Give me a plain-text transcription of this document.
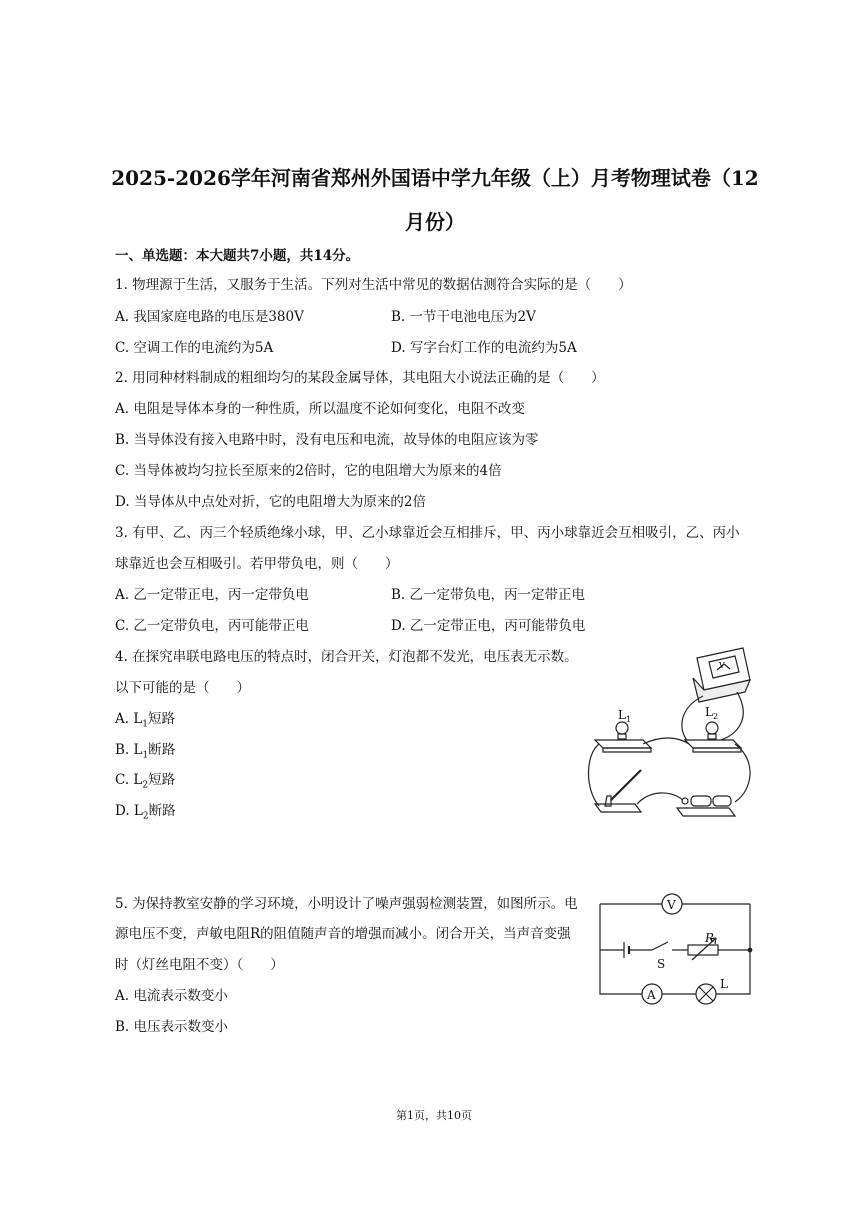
2025-2026学年河南省郑州外国语中学九年级（上）月考物理试卷（12
月份）
一、单选题：本大题共7小题，共14分。
1. 物理源于生活，又服务于生活。下列对生活中常见的数据估测符合实际的是（　　）
A. 我国家庭电路的电压是380V	B. 一节干电池电压为2V
C. 空调工作的电流约为5A	D. 写字台灯工作的电流约为5A
2. 用同种材料制成的粗细均匀的某段金属导体，其电阻大小说法正确的是（　　）
A. 电阻是导体本身的一种性质，所以温度不论如何变化，电阻不改变
B. 当导体没有接入电路中时，没有电压和电流，故导体的电阻应该为零
C. 当导体被均匀拉长至原来的2倍时，它的电阻增大为原来的4倍
D. 当导体从中点处对折，它的电阻增大为原来的2倍
3. 有甲、乙、丙三个轻质绝缘小球，甲、乙小球靠近会互相排斥，甲、丙小球靠近会互相吸引，乙、丙小
球靠近也会互相吸引。若甲带负电，则（　　）
A. 乙一定带正电，丙一定带负电	B. 乙一定带负电，丙一定带正电
C. 乙一定带负电，丙可能带正电	D. 乙一定带正电，丙可能带负电
4. 在探究串联电路电压的特点时，闭合开关，灯泡都不发光，电压表无示数。
以下可能的是（　　）
A. $L_1$短路
B. $L_1$断路
C. $L_2$短路
D. $L_2$断路
$L_1$
$L_2$
V
5. 为保持教室安静的学习环境，小明设计了噪声强弱检测装置，如图所示。电
源电压不变，声敏电阻R的阻值随声音的增强而减小。闭合开关，当声音变强
时（灯丝电阻不变）（　　）
A. 电流表示数变小
B. 电压表示数变小
V
R
S
A
L
第1页，共10页
